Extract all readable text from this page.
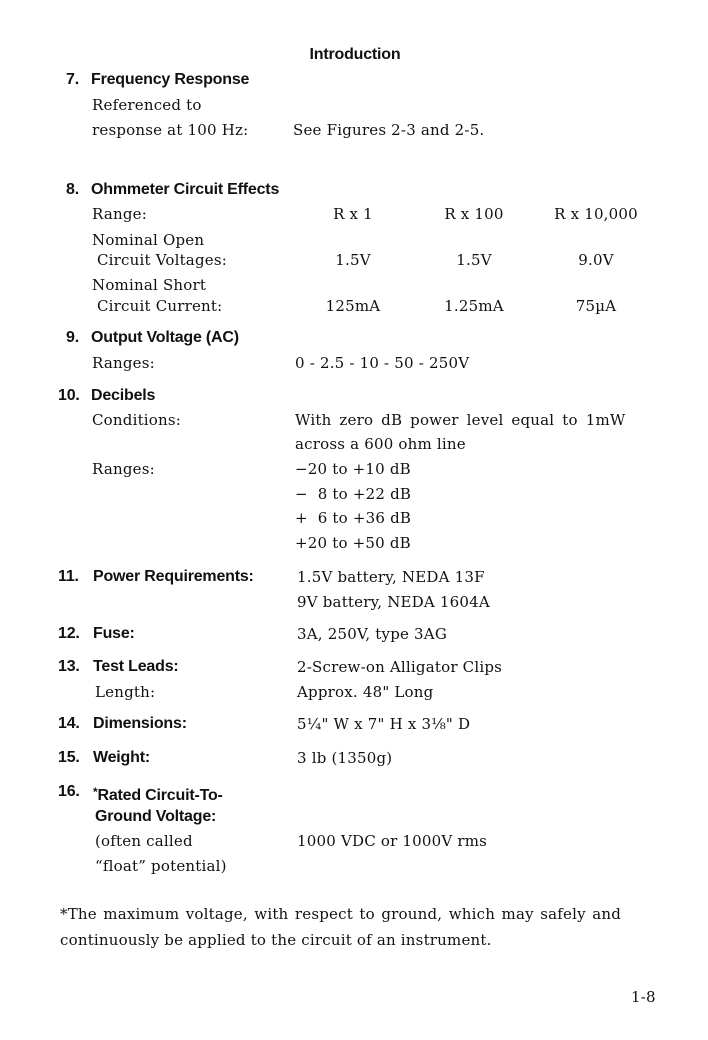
Introduction
7. Frequency Response
Referenced to
response at 100 Hz:	See Figures 2-3 and 2-5.
8. Ohmmeter Circuit Effects
Range:	R x 1	R x 100	R x 10,000
Nominal Open
Circuit Voltages:	1.5V	1.5V	9.0V
Nominal Short
Circuit Current:	125mA	1.25mA	75µA
9. Output Voltage (AC)
Ranges:	0 - 2.5 - 10 - 50 - 250V
10. Decibels
Conditions:	With zero dB power level equal to 1mW
across a 600 ohm line
Ranges:	−20 to +10 dB
−  8 to +22 dB
+  6 to +36 dB
+20 to +50 dB
11. Power Requirements:	1.5V battery, NEDA 13F
9V battery, NEDA 1604A
12. Fuse:	3A, 250V, type 3AG
13. Test Leads:	2-Screw-on Alligator Clips
Length:	Approx. 48" Long
14. Dimensions:	5¼" W x 7" H x 3⅛" D
15. Weight:	3 lb (1350g)
16. *Rated Circuit-To-
Ground Voltage:
(often called	1000 VDC or 1000V rms
“float” potential)
*The maximum voltage, with respect to ground, which may safely and
continuously be applied to the circuit of an instrument.
1-8
